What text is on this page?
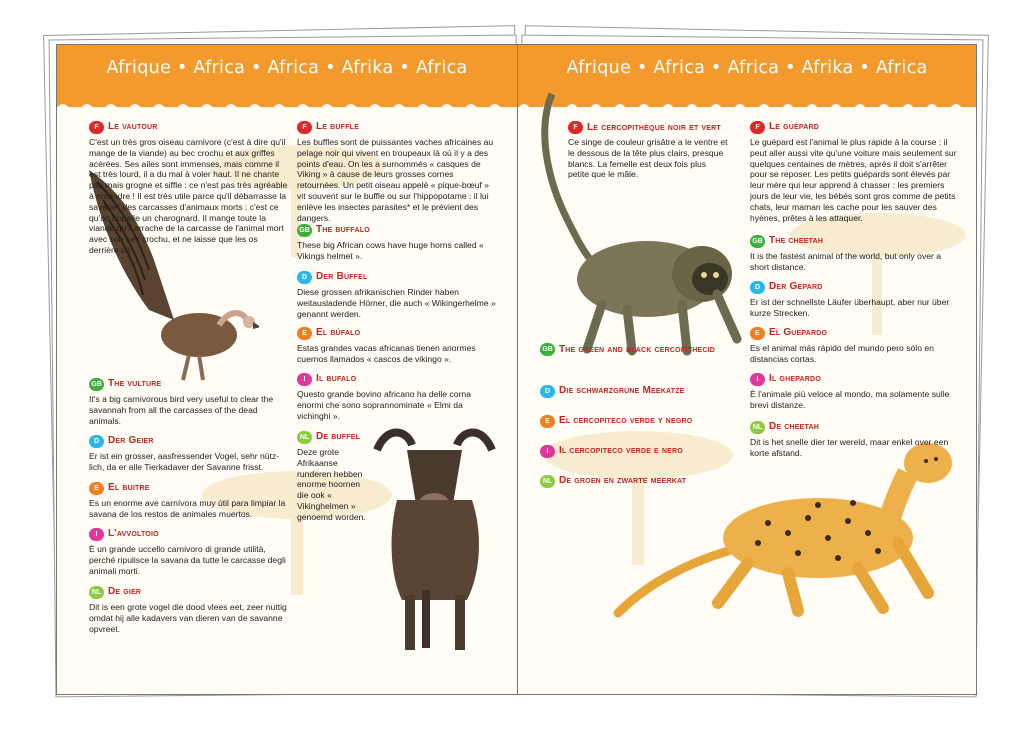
Afrique • Africa • Africa • Afrika • Africa
F Le vautour

C'est un très gros oiseau carnivore (c'est à dire qu'il mange de la viande) au bec crochu et aux griffes acérées. Ses ailes sont immenses, mais comme il est très lourd, il a du mal à voler haut. Il ne chante pas mais grogne et siffle : ce n'est pas très agréable à entendre ! Il est très utile parce qu'il débarrasse la savane* des carcasses d'animaux morts : c'est ce qu'on appelle un charognard. Il mange toute la viande qu'il arrache de la carcasse de l'animal mort avec son bec crochu, et ne laisse que les os derrière lui.

GB The vulture

It's a big carnivorous bird very useful to clear the savannah from all the carcasses of the dead animals.

D Der Geier

Er ist ein grosser, aasfressender Vogel, sehr nütz-lich, da er alle Tierkadaver der Savanne frisst.

E El buitre

Es un enorme ave carnívora muy útil para limpiar la savana de los restos de animales muertos.

I	L'avvoltoio

È un grande uccello carnivoro di grande utilità, perché ripulisce la savana da tutte le carcasse degli animali morti.

NL De gier

Dit is een grote vogel die dood vlees eet, zeer nuttig omdat hij alle kadavers van dieren van de savanne opvreet.

F Le buffle

Les buffles sont de puissantes vaches africaines au pelage noir qui vivent en troupeaux là où il y a des points d'eau. On les a surnommés « casques de Viking » à cause de leurs grosses cornes retournées. Un petit oiseau appelé « pique-bœuf » vit souvent sur le buffle ou sur l'hippopotame : il lui enlève les insectes parasites* et le prévient des dangers.

GB The buffalo

These big African cows have huge horns called « Vikings helmet ».

D Der Büffel

Diese grossen afrikanischen Rinder haben weitausladende Hörner, die auch « Wikingerhelme » genannt werden.

E El búfalo

Estas grandes vacas africanas tienen anormes cuernos llamados « cascos de vikingo ».

I	Il bufalo

Questo grande bovino africano ha delle corna enormi che sono soprannominate « Elmi da vichinghi ».

NL De buffel

Deze grote Afrikaanse runderen hebben enorme hoornen die ook « Vikinghelmen » genoemd worden.

Afrique • Africa • Africa • Afrika • Africa
F Le cercopithèque noir et vert

Ce singe de couleur grisâtre a le ventre et le dessous de la tête plus clairs, presque blancs. La femelle est deux fois plus petite que le mâle.

GB The green and black cercopithecid
D Die schwarzgrüne Meekatze
E El cercopiteco verde y negro
I	Il cercopiteco verde e nero
NL De groen en zwarte meerkat
F Le guépard

Le guépard est l'animal le plus rapide à la course : il peut aller aussi vite qu'une voiture mais seulement sur quelques centaines de mètres, après il doit s'arrêter pour se reposer. Les petits guépards sont élevés par leur mère qui leur apprend à chasser : les premiers jours de leur vie, les bébés sont gros comme de petits chats, leur maman les cache pour les sauver des hyènes, prêtes à les attaquer.

GB The cheetah

It is the fastest animal of the world, but only over a short distance.

D Der Gepard

Er ist der schnellste Läufer überhaupt, aber nur über kurze Strecken.

E El Guepardo

Es el animal más rápido del mundo pero sólo en distancias cortas.

I	Il ghepardo

È l'animale più veloce al mondo, ma solamente sulle brevi distanze.

NL De cheetah

Dit is het snelle dier ter wereld, maar enkel over een korte afstand.
